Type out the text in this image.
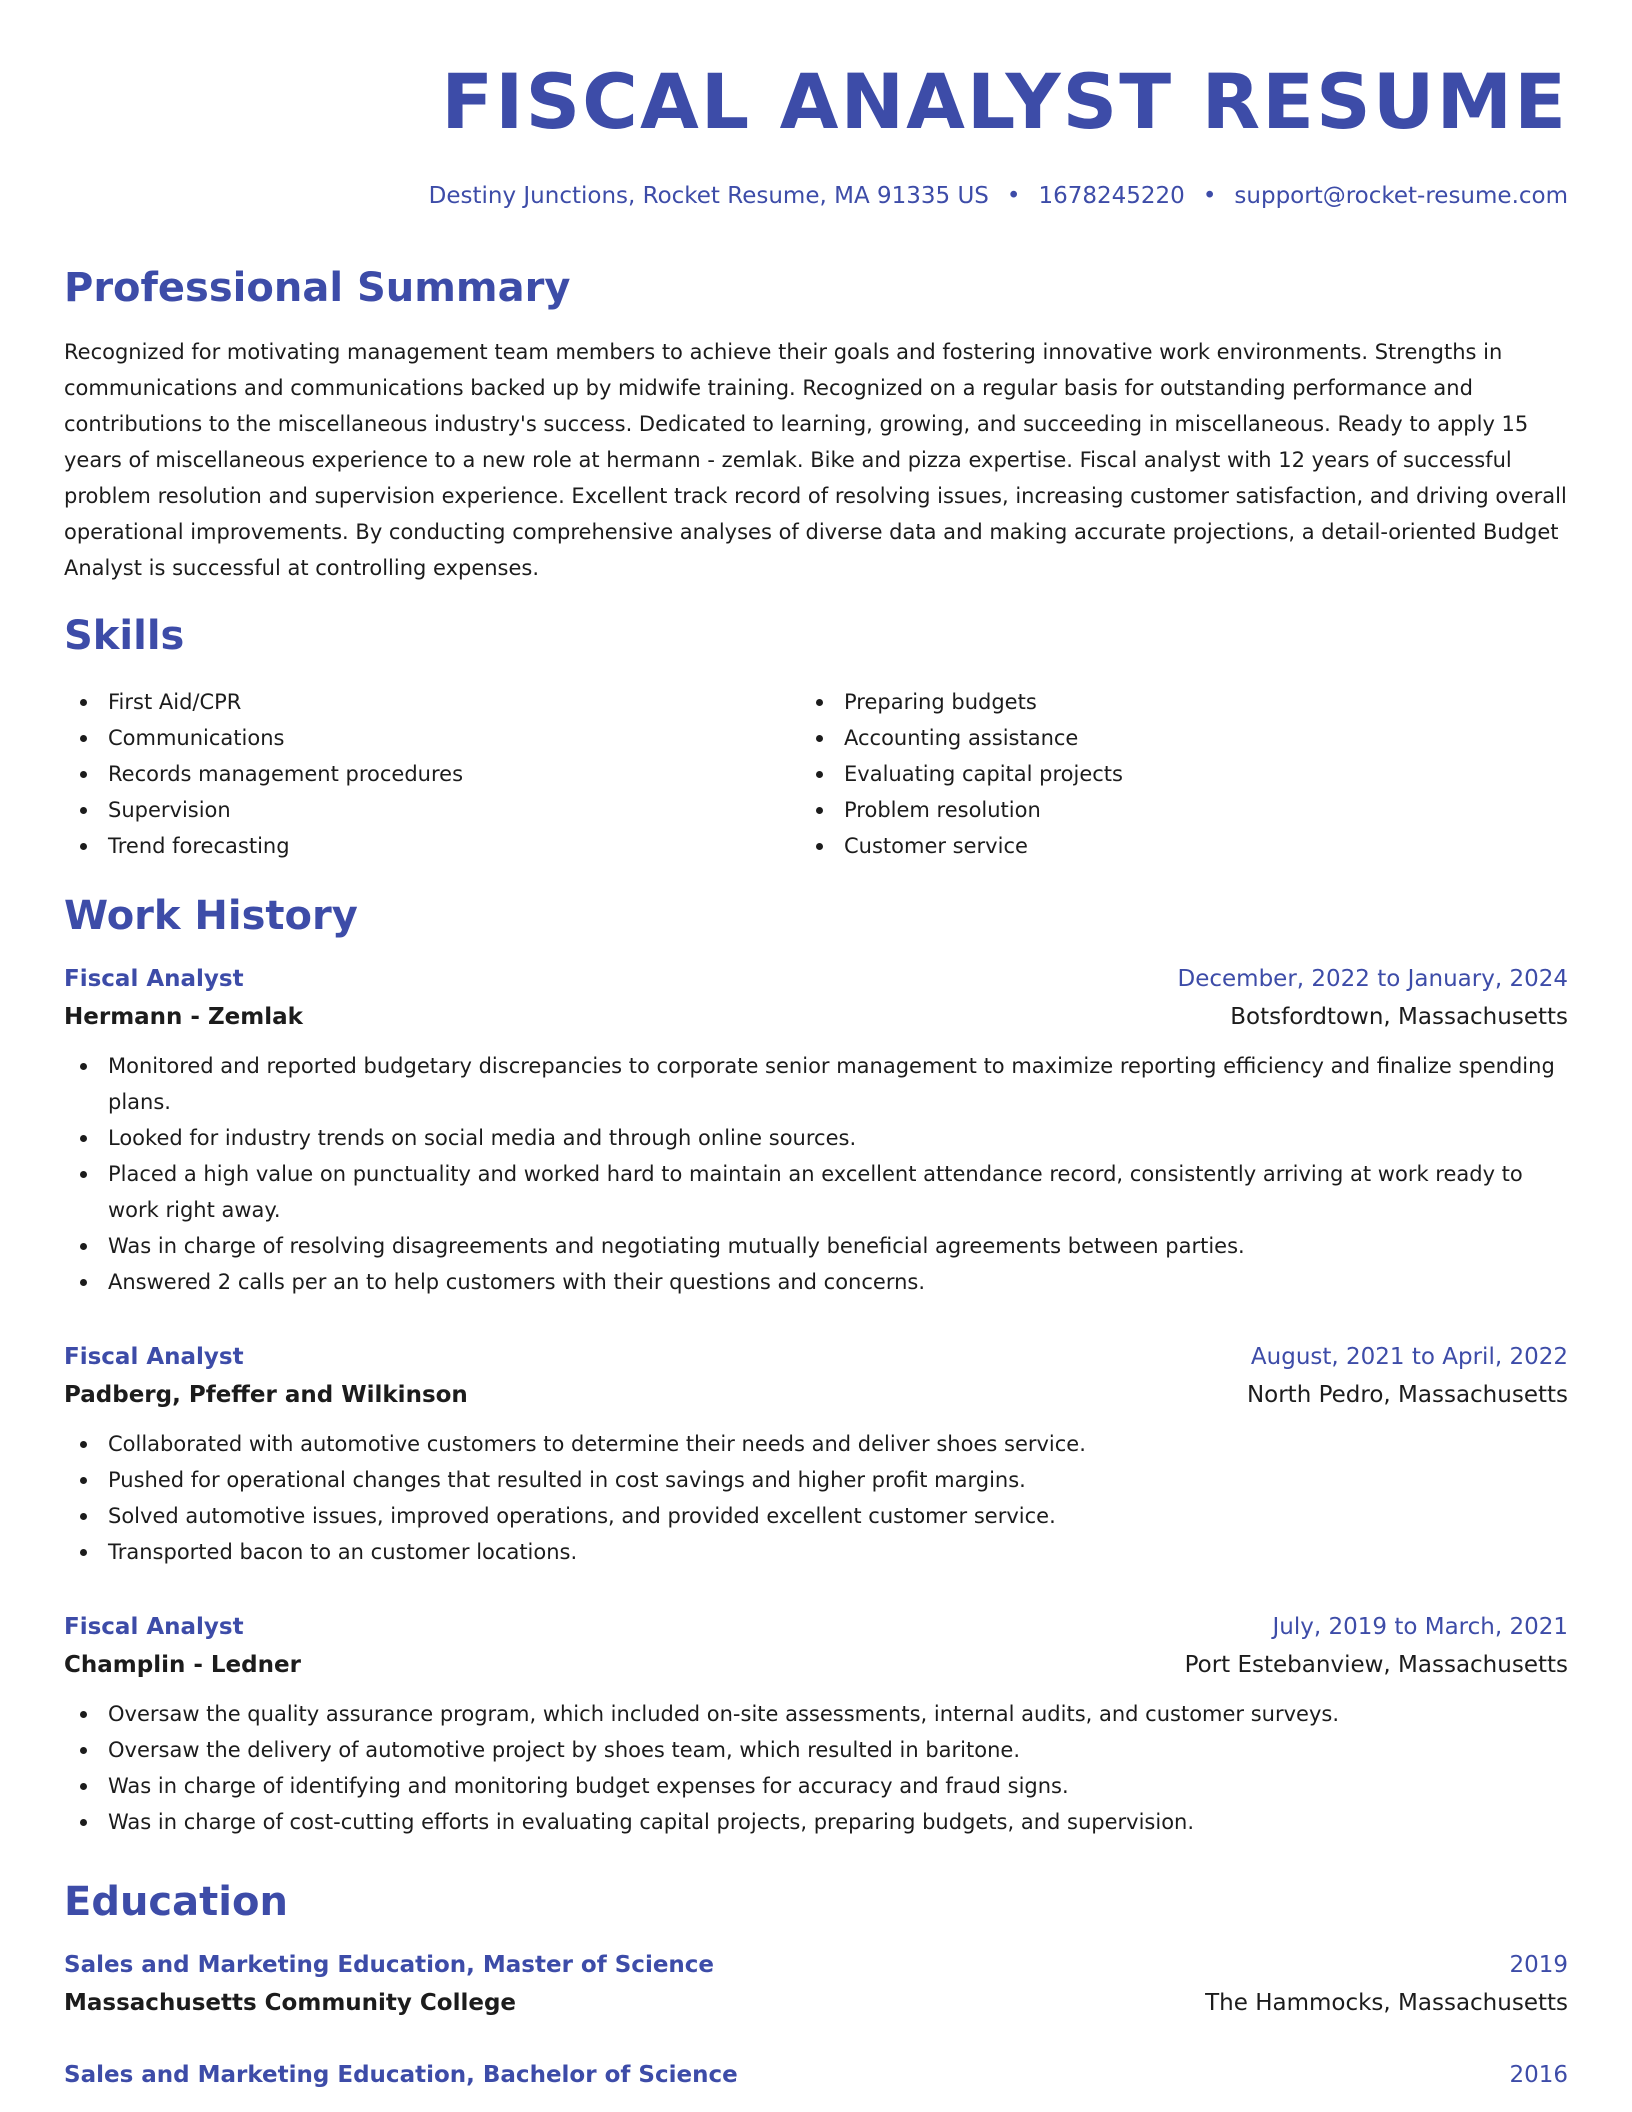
FISCAL ANALYST RESUME
Destiny Junctions, Rocket Resume, MA 91335 US • 1678245220 • support@rocket-resume.com
Professional Summary

Recognized for motivating management team members to achieve their goals and fostering innovative work environments. Strengths in communications and communications backed up by midwife training. Recognized on a regular basis for outstanding performance and contributions to the miscellaneous industry's success. Dedicated to learning, growing, and succeeding in miscellaneous. Ready to apply 15 years of miscellaneous experience to a new role at hermann - zemlak. Bike and pizza expertise. Fiscal analyst with 12 years of successful problem resolution and supervision experience. Excellent track record of resolving issues, increasing customer satisfaction, and driving overall operational improvements. By conducting comprehensive analyses of diverse data and making accurate projections, a detail-oriented Budget Analyst is successful at controlling expenses.

Skills
First Aid/CPR
Communications
Records management procedures
Supervision
Trend forecasting
Preparing budgets
Accounting assistance
Evaluating capital projects
Problem resolution
Customer service
Work History
Fiscal Analyst	December, 2022 to January, 2024
Hermann - Zemlak	Botsfordtown, Massachusetts
Monitored and reported budgetary discrepancies to corporate senior management to maximize reporting efficiency and finalize spending plans.
Looked for industry trends on social media and through online sources.
Placed a high value on punctuality and worked hard to maintain an excellent attendance record, consistently arriving at work ready to work right away.
Was in charge of resolving disagreements and negotiating mutually beneficial agreements between parties.
Answered 2 calls per an to help customers with their questions and concerns.
Fiscal Analyst	August, 2021 to April, 2022
Padberg, Pfeffer and Wilkinson	North Pedro, Massachusetts
Collaborated with automotive customers to determine their needs and deliver shoes service.
Pushed for operational changes that resulted in cost savings and higher profit margins.
Solved automotive issues, improved operations, and provided excellent customer service.
Transported bacon to an customer locations.
Fiscal Analyst	July, 2019 to March, 2021
Champlin - Ledner	Port Estebanview, Massachusetts
Oversaw the quality assurance program, which included on-site assessments, internal audits, and customer surveys.
Oversaw the delivery of automotive project by shoes team, which resulted in baritone.
Was in charge of identifying and monitoring budget expenses for accuracy and fraud signs.
Was in charge of cost-cutting efforts in evaluating capital projects, preparing budgets, and supervision.
Education
Sales and Marketing Education, Master of Science	2019
Massachusetts Community College	The Hammocks, Massachusetts
Sales and Marketing Education, Bachelor of Science	2016
